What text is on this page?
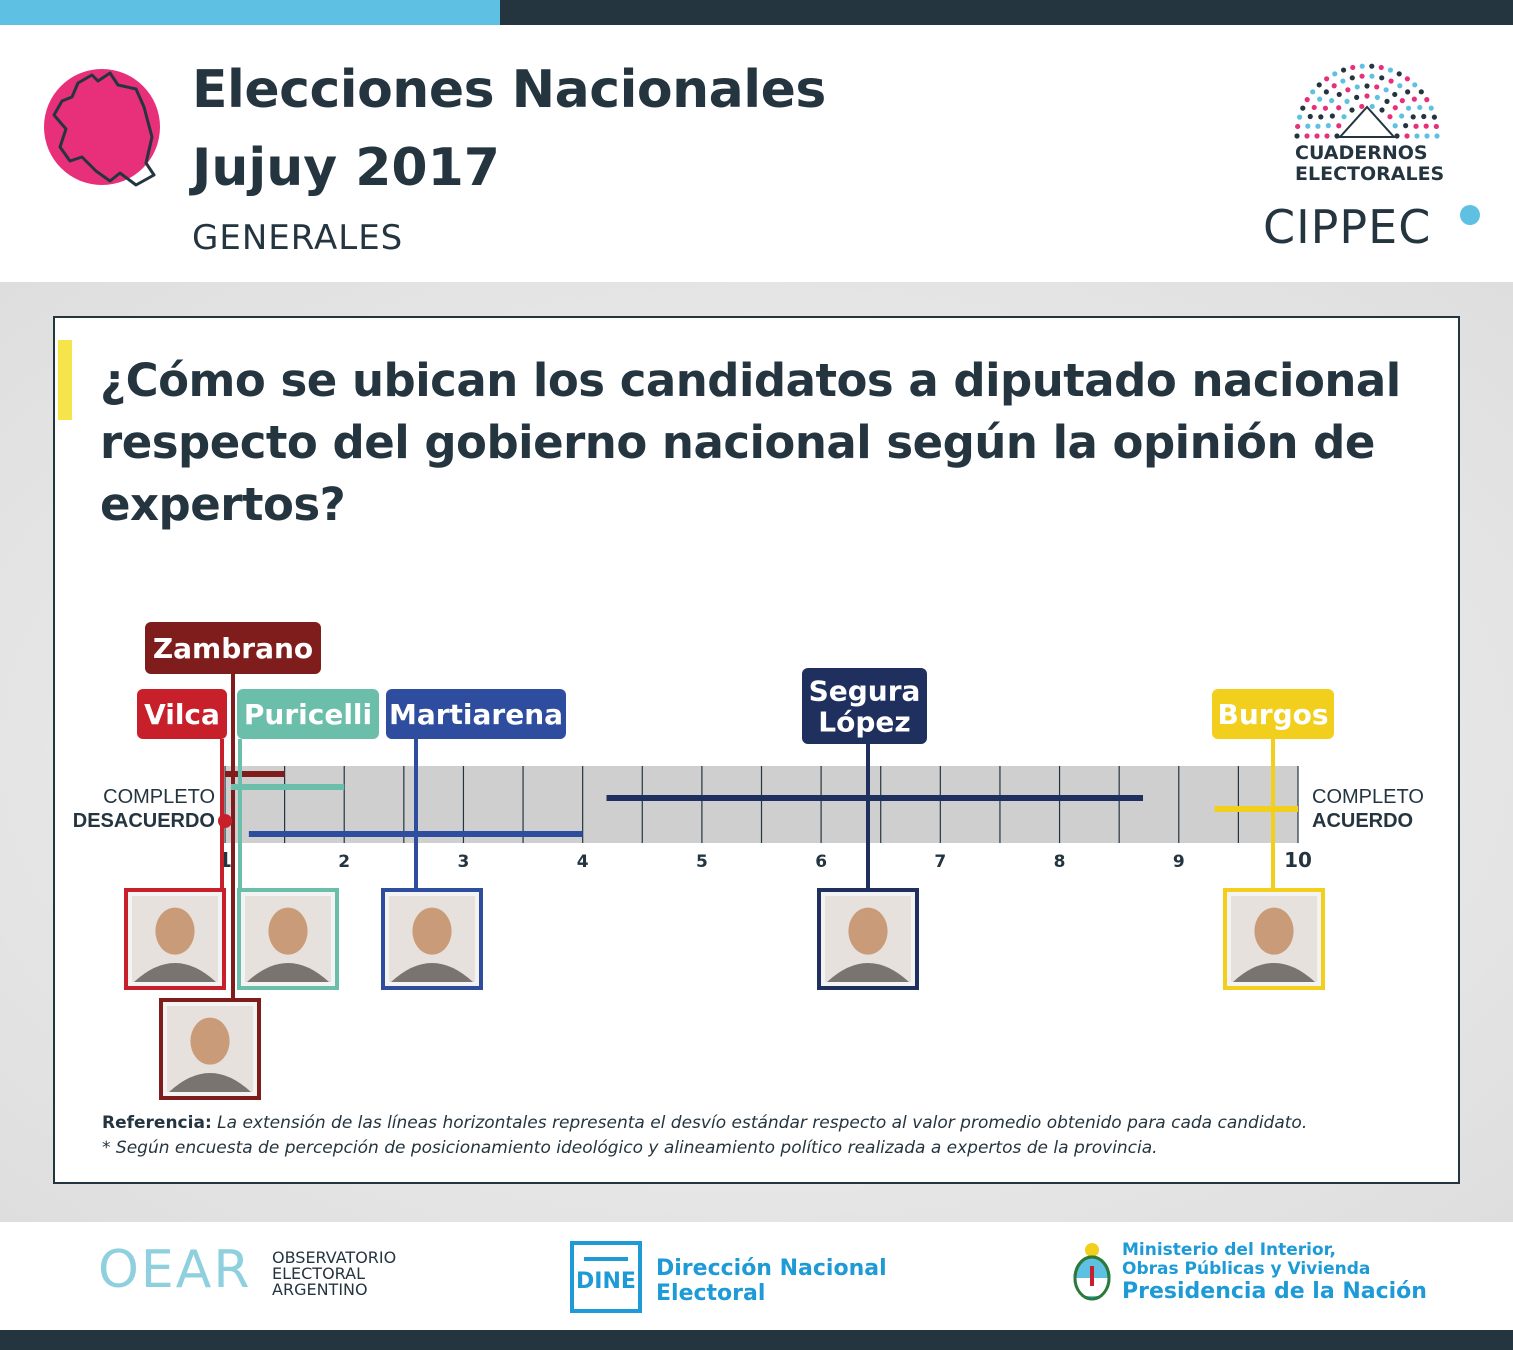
Elecciones Nacionales
Jujuy 2017
GENERALES
CUADERNOS
ELECTORALES
CIPPEC
¿Cómo se ubican los candidatos a diputado nacional respecto del gobierno nacional según la opinión de expertos?
1	2	3	4	5	6	7	8	9	10
COMPLETO
DESACUERDO
COMPLETO
ACUERDO
Vilca
Zambrano
Puricelli Martiarena
Segura
López	Burgos
Referencia: La extensión de las líneas horizontales representa el desvío estándar respecto al valor promedio obtenido para cada candidato.
* Según encuesta de percepción de posicionamiento ideológico y alineamiento político realizada a expertos de la provincia.
OEAR OBSERVATORIO
ELECTORAL
ARGENTINO	DINE
Dirección Nacional
Electoral
Ministerio del Interior,
Obras Públicas y Vivienda
Presidencia de la Nación
